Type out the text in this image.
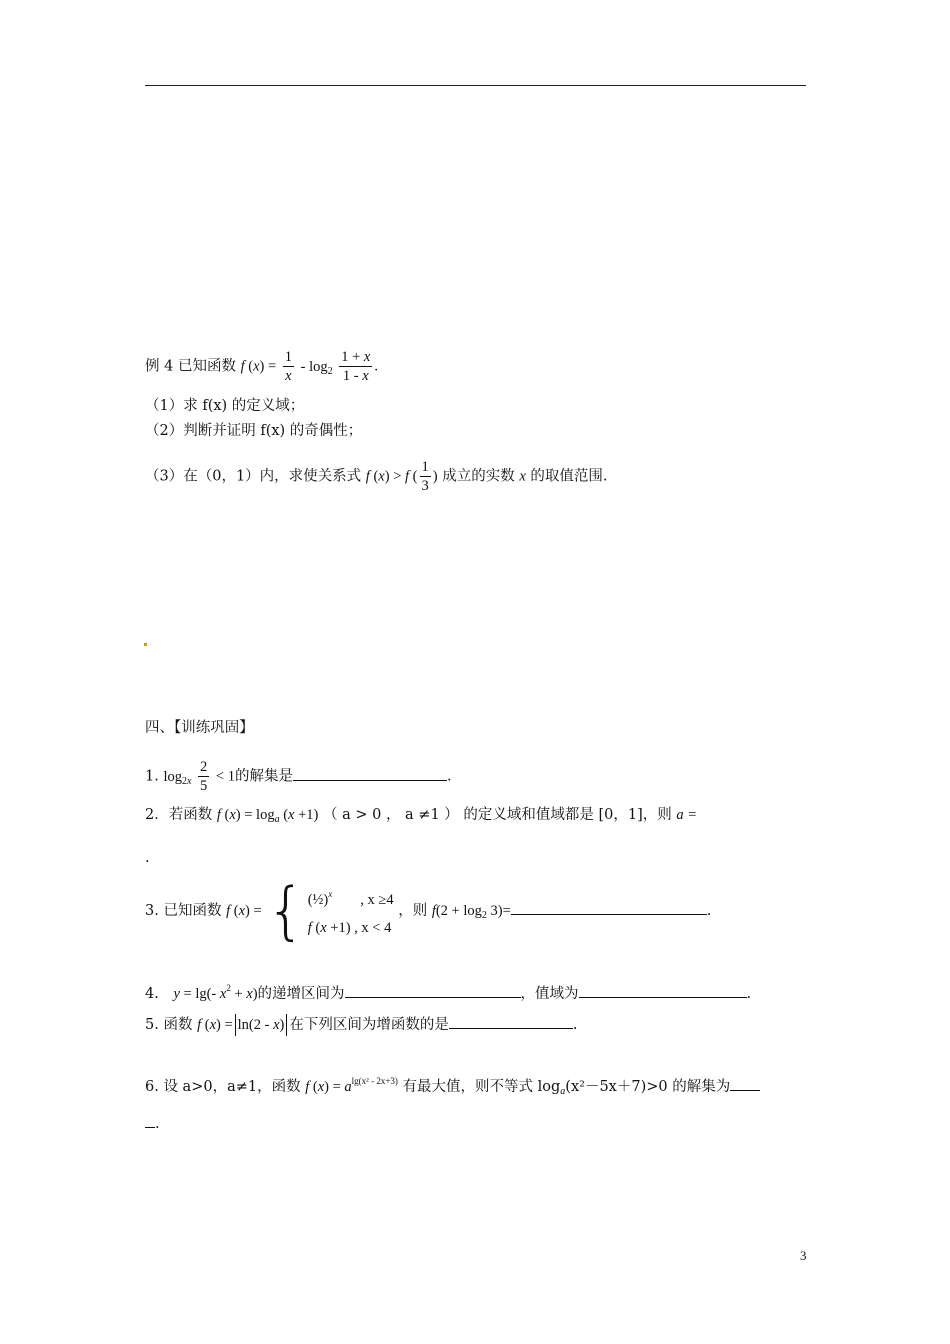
例 4 已知函数 f $(x) = \frac{1}{x} - \log_2 \frac{1 + x}{1 - x}$ .
（1）求 f(x) 的定义域；
（2）判断并证明 f(x) 的奇偶性；
（3）在（0，1）内，求使关系式 f (x) > f ( $\frac{1}{3}$ ) 成立的实数 x 的取值范围.
四、【训练巩固】
1. $\log_{2x} \frac{2}{5} < 1$的解集是	.
2．若函数 f $(x) = \log_a (x +1)$ （ a > 0 ， a ≠1 ） 的定义域和值域都是 [0，1]，则 a =
.
3. 已知函数 f (x) = { (½)$^x$ , x ≥4
f (x +1) , x < 4
，则 $f(2 + \log_2 3)=$	.
4. y = lg(- $x^2 + x$)的递增区间为	，值域为	.
5. 函数 f (x) = ln(2 - x) 在下列区间为增函数的是	.
6. 设 a>0，a≠1，函数 f $(x) = a^{lg(x^2 - 2x+3)}$ 有最大值，则不等式 $\log_a(x^2-5x+7)>0$ 的解集为
.
3
